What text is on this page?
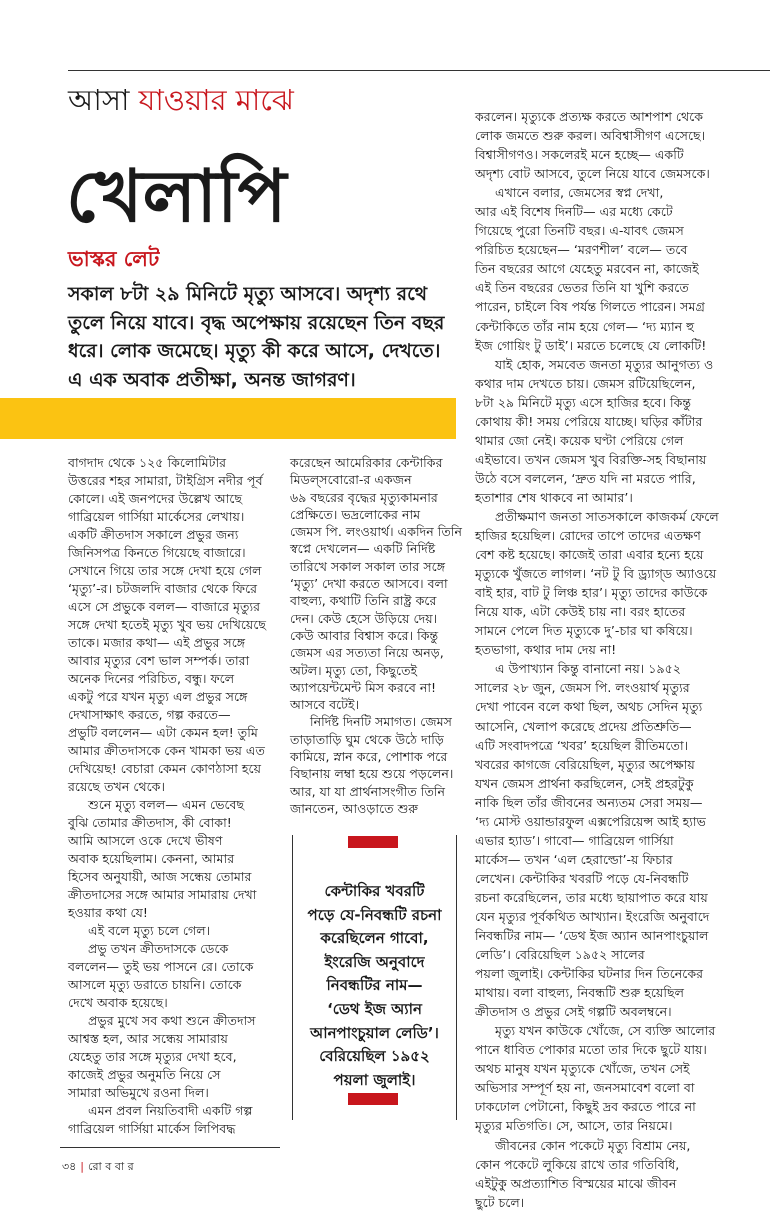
আসা যাওয়ার মাঝে
খেলাপি
ভাস্কর লেট
সকাল ৮টা ২৯ মিনিটে মৃত্যু আসবে। অদৃশ্য রথে
তুলে নিয়ে যাবে। বৃদ্ধ অপেক্ষায় রয়েছেন তিন বছর
ধরে। লোক জমেছে। মৃত্যু কী করে আসে, দেখতে।
এ এক অবাক প্রতীক্ষা, অনন্ত জাগরণ।
বাগদাদ থেকে ১২৫ কিলোমিটার
উত্তরের শহর সামারা, টাইগ্রিস নদীর পূর্ব
কোলে। এই জনপদের উল্লেখ আছে
গাব্রিয়েল গার্সিয়া মার্কেসের লেখায়।
একটি ক্রীতদাস সকালে প্রভুর জন্য
জিনিসপত্র কিনতে গিয়েছে বাজারে।
সেখানে গিয়ে তার সঙ্গে দেখা হয়ে গেল
‘মৃত্যু’-র। চটজলদি বাজার থেকে ফিরে
এসে সে প্রভুকে বলল— বাজারে মৃত্যুর
সঙ্গে দেখা হতেই মৃত্যু খুব ভয় দেখিয়েছে
তাকে। মজার কথা— এই প্রভুর সঙ্গে
আবার মৃত্যুর বেশ ভাল সম্পর্ক। তারা
অনেক দিনের পরিচিত, বন্ধু। ফলে
একটু পরে যখন মৃত্যু এল প্রভুর সঙ্গে
দেখাসাক্ষাৎ করতে, গল্প করতে—
প্রভুটি বললেন— এটা কেমন হল! তুমি
আমার ক্রীতদাসকে কেন খামকা ভয় এত
দেখিয়েছ! বেচারা কেমন কোণঠাসা হয়ে
রয়েছে তখন থেকে।
শুনে মৃত্যু বলল— এমন ভেবেছ
বুঝি তোমার ক্রীতদাস, কী বোকা!
আমি আসলে ওকে দেখে ভীষণ
অবাক হয়েছিলাম। কেননা, আমার
হিসেব অনুযায়ী, আজ সন্ধেয় তোমার
ক্রীতদাসের সঙ্গে আমার সামারায় দেখা
হওয়ার কথা যে!
এই বলে মৃত্যু চলে গেল।
প্রভু তখন ক্রীতদাসকে ডেকে
বললেন— তুই ভয় পাসনে রে। তোকে
আসলে মৃত্যু ডরাতে চায়নি। তোকে
দেখে অবাক হয়েছে।
প্রভুর মুখে সব কথা শুনে ক্রীতদাস
আশ্বস্ত হল, আর সন্ধেয় সামারায়
যেহেতু তার সঙ্গে মৃত্যুর দেখা হবে,
কাজেই প্রভুর অনুমতি নিয়ে সে
সামারা অভিমুখে রওনা দিল।
এমন প্রবল নিয়তিবাদী একটি গল্প
গাব্রিয়েল গার্সিয়া মার্কেস লিপিবদ্ধ
করেছেন আমেরিকার কেন্টাকির
মিডল্‌সবোরো-র একজন
৬৯ বছরের বৃদ্ধের মৃত্যুকামনার
প্রেক্ষিতে। ভদ্রলোকের নাম
জেমস পি. লংওয়ার্থ। একদিন তিনি
স্বপ্নে দেখলেন— একটি নির্দিষ্ট
তারিখে সকাল সকাল তার সঙ্গে
‘মৃত্যু’ দেখা করতে আসবে। বলা
বাহুল্য, কথাটি তিনি রাষ্ট্র করে
দেন। কেউ হেসে উড়িয়ে দেয়।
কেউ আবার বিশ্বাস করে। কিন্তু
জেমস এর সত্যতা নিয়ে অনড়,
অটল। মৃত্যু তো, কিছুতেই
অ্যাপয়েন্টমেন্ট মিস করবে না!
আসবে বটেই।
নির্দিষ্ট দিনটি সমাগত। জেমস
তাড়াতাড়ি ঘুম থেকে উঠে দাড়ি
কামিয়ে, স্নান করে, পোশাক পরে
বিছানায় লম্বা হয়ে শুয়ে পড়লেন।
আর, যা যা প্রার্থনাসংগীত তিনি
জানতেন, আওড়াতে শুরু
করলেন। মৃত্যুকে প্রত্যক্ষ করতে আশপাশ থেকে
লোক জমতে শুরু করল। অবিশ্বাসীগণ এসেছে।
বিশ্বাসীগণও। সকলেরই মনে হচ্ছে— একটি
অদৃশ্য বোট আসবে, তুলে নিয়ে যাবে জেমসকে।
এখানে বলার, জেমসের স্বপ্ন দেখা,
আর এই বিশেষ দিনটি— এর মধ্যে কেটে
গিয়েছে পুরো তিনটি বছর। এ-যাবৎ জেমস
পরিচিত হয়েছেন— ‘মরণশীল’ বলে— তবে
তিন বছরের আগে যেহেতু মরবেন না, কাজেই
এই তিন বছরের ভেতর তিনি যা খুশি করতে
পারেন, চাইলে বিষ পর্যন্ত গিলতে পারেন। সমগ্র
কেন্টাকিতে তাঁর নাম হয়ে গেল— ‘দ্য ম্যান হু
ইজ গোয়িং টু ডাই’। মরতে চলেছে যে লোকটি!
যাই হোক, সমবেত জনতা মৃত্যুর আনুগত্য ও
কথার দাম দেখতে চায়। জেমস রটিয়েছিলেন,
৮টা ২৯ মিনিটে মৃত্যু এসে হাজির হবে। কিন্তু
কোথায় কী! সময় পেরিয়ে যাচ্ছে। ঘড়ির কাঁটার
থামার জো নেই। কয়েক ঘণ্টা পেরিয়ে গেল
এইভাবে। তখন জেমস খুব বিরক্তি-সহ বিছানায়
উঠে বসে বললেন, ‘দ্রুত যদি না মরতে পারি,
হতাশার শেষ থাকবে না আমার’।
প্রতীক্ষমাণ জনতা সাতসকালে কাজকর্ম ফেলে
হাজির হয়েছিল। রোদের তাপে তাদের এতক্ষণ
বেশ কষ্ট হয়েছে। কাজেই তারা এবার হন্যে হয়ে
মৃত্যুকে খুঁজতে লাগল। ‘নট টু বি ড্র্যাগ্‌ড অ্যাওয়ে
বাই হার, বাট টু লিঞ্চ হার’। মৃত্যু তাদের কাউকে
নিয়ে যাক, এটা কেউই চায় না। বরং হাতের
সামনে পেলে দিত মৃত্যুকে দু’-চার ঘা কষিয়ে।
হতভাগা, কথার দাম দেয় না!
এ উপাখ্যান কিন্তু বানানো নয়। ১৯৫২
সালের ২৮ জুন, জেমস পি. লংওয়ার্থ মৃত্যুর
দেখা পাবেন বলে কথা ছিল, অথচ সেদিন মৃত্যু
আসেনি, খেলাপ করেছে প্রদেয় প্রতিশ্রুতি—
এটি সংবাদপত্রে ‘খবর’ হয়েছিল রীতিমতো।
খবরের কাগজে বেরিয়েছিল, মৃত্যুর অপেক্ষায়
যখন জেমস প্রার্থনা করছিলেন, সেই প্রহরটুকু
নাকি ছিল তাঁর জীবনের অন্যতম সেরা সময়—
‘দ্য মোস্ট ওয়ান্ডারফুল এক্সপেরিয়েন্স আই হ্যাভ
এভার হ্যাড’। গাবো— গাব্রিয়েল গার্সিয়া
মার্কেস— তখন ‘এল হেরাল্ডো’-য় ফিচার
লেখেন। কেন্টাকির খবরটি পড়ে যে-নিবন্ধটি
রচনা করেছিলেন, তার মধ্যে ছায়াপাত করে যায়
যেন মৃত্যুর পূর্বকথিত আখ্যান। ইংরেজি অনুবাদে
নিবন্ধটির নাম— ‘ডেথ ইজ অ্যান আনপাংচুয়াল
লেডি’। বেরিয়েছিল ১৯৫২ সালের
পয়লা জুলাই। কেন্টাকির ঘটনার দিন তিনেকের
মাথায়। বলা বাহুল্য, নিবন্ধটি শুরু হয়েছিল
ক্রীতদাস ও প্রভুর সেই গল্পটি অবলম্বনে।
মৃত্যু যখন কাউকে খোঁজে, সে ব্যক্তি আলোর
পানে ধাবিত পোকার মতো তার দিকে ছুটে যায়।
অথচ মানুষ যখন মৃত্যুকে খোঁজে, তখন সেই
অভিসার সম্পূর্ণ হয় না, জনসমাবেশ বলো বা
ঢাকঢোল পেটানো, কিছুই দ্রব করতে পারে না
মৃত্যুর মতিগতি। সে, আসে, তার নিয়মে।
জীবনের কোন পকেটে মৃত্যু বিশ্রাম নেয়,
কোন পকেটে লুকিয়ে রাখে তার গতিবিধি,
এইটুকু অপ্রত্যাশিত বিস্ময়ের মাঝে জীবন
ছুটে চলে।
কেন্টাকির খবরটি
পড়ে যে-নিবন্ধটি রচনা
করেছিলেন গাবো,
ইংরেজি অনুবাদে
নিবন্ধটির নাম—
‘ডেথ ইজ অ্যান
আনপাংচুয়াল লেডি’।
বেরিয়েছিল ১৯৫২
পয়লা জুলাই।
৩৪ | রো ব বা র
